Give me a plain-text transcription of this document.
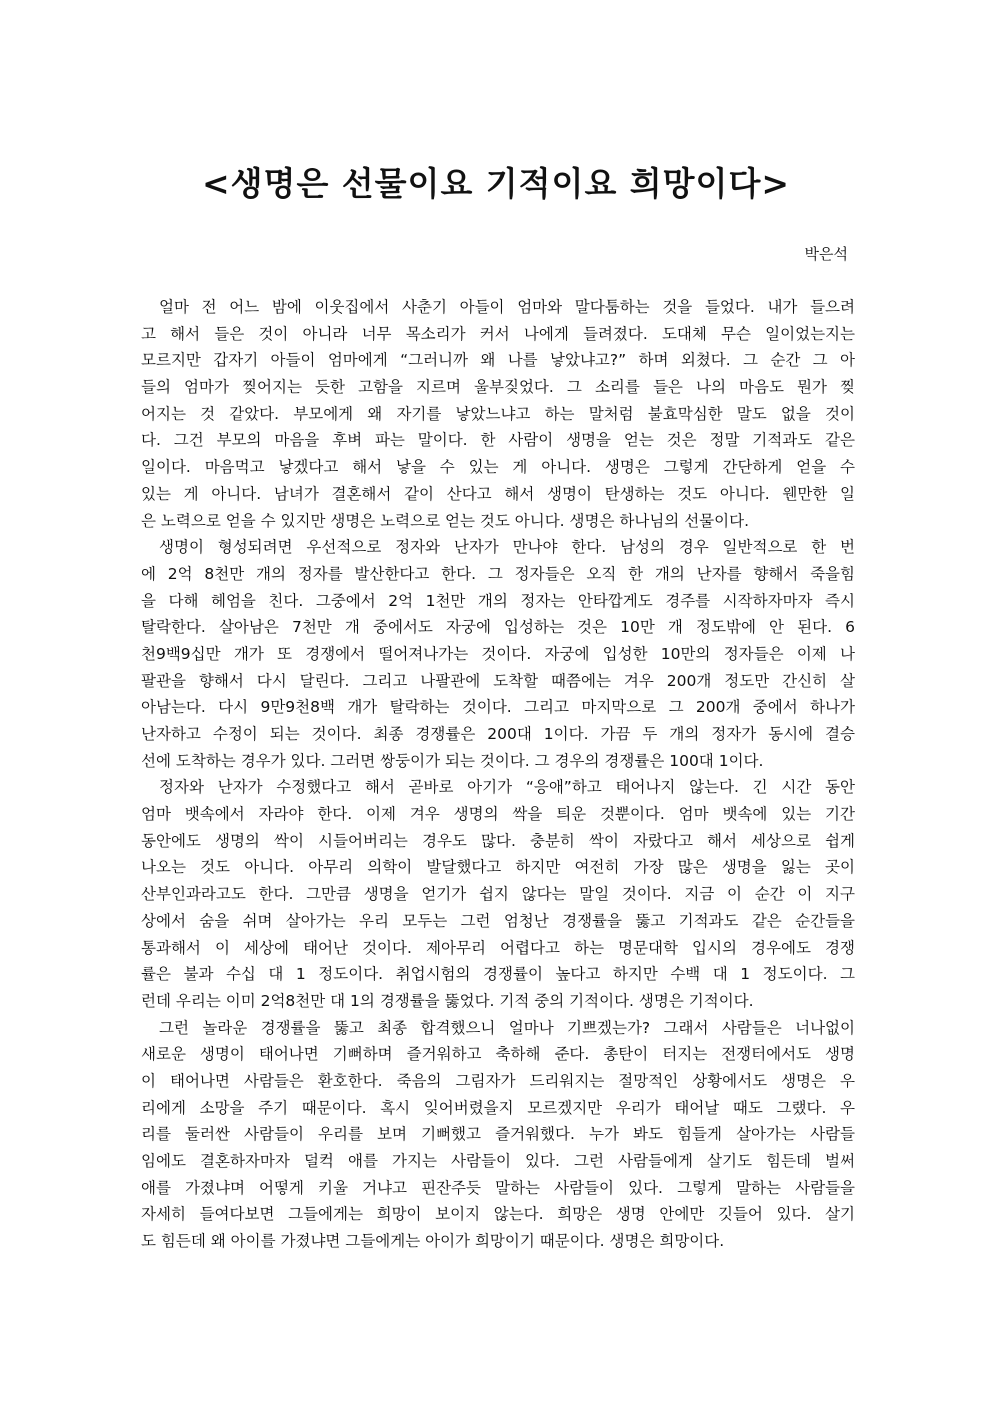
<생명은 선물이요 기적이요 희망이다>
박은석
얼마 전 어느 밤에 이웃집에서 사춘기 아들이 엄마와 말다툼하는 것을 들었다. 내가 들으려
고 해서 들은 것이 아니라 너무 목소리가 커서 나에게 들려졌다. 도대체 무슨 일이었는지는
모르지만 갑자기 아들이 엄마에게 “그러니까 왜 나를 낳았냐고?” 하며 외쳤다. 그 순간 그 아
들의 엄마가 찢어지는 듯한 고함을 지르며 울부짖었다. 그 소리를 들은 나의 마음도 뭔가 찢
어지는 것 같았다. 부모에게 왜 자기를 낳았느냐고 하는 말처럼 불효막심한 말도 없을 것이
다. 그건 부모의 마음을 후벼 파는 말이다. 한 사람이 생명을 얻는 것은 정말 기적과도 같은
일이다. 마음먹고 낳겠다고 해서 낳을 수 있는 게 아니다. 생명은 그렇게 간단하게 얻을 수
있는 게 아니다. 남녀가 결혼해서 같이 산다고 해서 생명이 탄생하는 것도 아니다. 웬만한 일
은 노력으로 얻을 수 있지만 생명은 노력으로 얻는 것도 아니다. 생명은 하나님의 선물이다.
생명이 형성되려면 우선적으로 정자와 난자가 만나야 한다. 남성의 경우 일반적으로 한 번
에 2억 8천만 개의 정자를 발산한다고 한다. 그 정자들은 오직 한 개의 난자를 향해서 죽을힘
을 다해 헤엄을 친다. 그중에서 2억 1천만 개의 정자는 안타깝게도 경주를 시작하자마자 즉시
탈락한다. 살아남은 7천만 개 중에서도 자궁에 입성하는 것은 10만 개 정도밖에 안 된다. 6
천9백9십만 개가 또 경쟁에서 떨어져나가는 것이다. 자궁에 입성한 10만의 정자들은 이제 나
팔관을 향해서 다시 달린다. 그리고 나팔관에 도착할 때쯤에는 겨우 200개 정도만 간신히 살
아남는다. 다시 9만9천8백 개가 탈락하는 것이다. 그리고 마지막으로 그 200개 중에서 하나가
난자하고 수정이 되는 것이다. 최종 경쟁률은 200대 1이다. 가끔 두 개의 정자가 동시에 결승
선에 도착하는 경우가 있다. 그러면 쌍둥이가 되는 것이다. 그 경우의 경쟁률은 100대 1이다.
정자와 난자가 수정했다고 해서 곧바로 아기가 “응애”하고 태어나지 않는다. 긴 시간 동안
엄마 뱃속에서 자라야 한다. 이제 겨우 생명의 싹을 틔운 것뿐이다. 엄마 뱃속에 있는 기간
동안에도 생명의 싹이 시들어버리는 경우도 많다. 충분히 싹이 자랐다고 해서 세상으로 쉽게
나오는 것도 아니다. 아무리 의학이 발달했다고 하지만 여전히 가장 많은 생명을 잃는 곳이
산부인과라고도 한다. 그만큼 생명을 얻기가 쉽지 않다는 말일 것이다. 지금 이 순간 이 지구
상에서 숨을 쉬며 살아가는 우리 모두는 그런 엄청난 경쟁률을 뚫고 기적과도 같은 순간들을
통과해서 이 세상에 태어난 것이다. 제아무리 어렵다고 하는 명문대학 입시의 경우에도 경쟁
률은 불과 수십 대 1 정도이다. 취업시험의 경쟁률이 높다고 하지만 수백 대 1 정도이다. 그
런데 우리는 이미 2억8천만 대 1의 경쟁률을 뚫었다. 기적 중의 기적이다. 생명은 기적이다.
그런 놀라운 경쟁률을 뚫고 최종 합격했으니 얼마나 기쁘겠는가? 그래서 사람들은 너나없이
새로운 생명이 태어나면 기뻐하며 즐거워하고 축하해 준다. 총탄이 터지는 전쟁터에서도 생명
이 태어나면 사람들은 환호한다. 죽음의 그림자가 드리워지는 절망적인 상황에서도 생명은 우
리에게 소망을 주기 때문이다. 혹시 잊어버렸을지 모르겠지만 우리가 태어날 때도 그랬다. 우
리를 둘러싼 사람들이 우리를 보며 기뻐했고 즐거워했다. 누가 봐도 힘들게 살아가는 사람들
임에도 결혼하자마자 덜컥 애를 가지는 사람들이 있다. 그런 사람들에게 살기도 힘든데 벌써
애를 가졌냐며 어떻게 키울 거냐고 핀잔주듯 말하는 사람들이 있다. 그렇게 말하는 사람들을
자세히 들여다보면 그들에게는 희망이 보이지 않는다. 희망은 생명 안에만 깃들어 있다. 살기
도 힘든데 왜 아이를 가졌냐면 그들에게는 아이가 희망이기 때문이다. 생명은 희망이다.
